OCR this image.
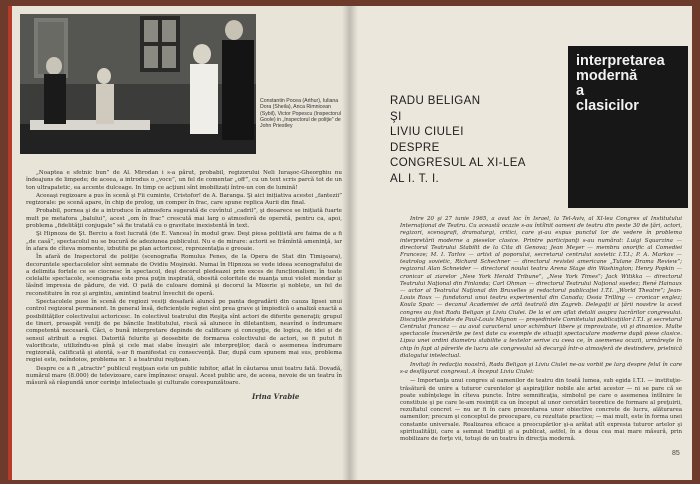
Constantin Pocea (Arthur), Iuliana Dora (Sheila), Anca Rimnicean (Sybil), Victor Popescu (Inspectorul Goole) in „Inspectorul de poliţie” de John Priestley

„Noaptea e sfetnic bun” de Al. Mirodan i s-a părut, probabil, regizorului Neli Iuraşoc-Gheorghiu nu îndeajuns de limpede; de aceea, a introdus o „voce”, un fel de comentar „off”, cu un text scris parcă tot de un ton ultrapatetic, ea accente dulceage. In timp ce acţiuni sînt imobilizați între-un con de lumină!

Aceeaşi regizoare a pus în scenă şi Fii cuminte, Cristofor! de A. Baranga. Şi aici inițiativa acestei „fantezii” regizorale: pe scenă apare, în chip de prolog, un comper în frac, care spune replica Aurii din final.

Probabil, pornea şi de a introduce în atmosfera sugerată de cuvîntul „cadril”, şi deoarece se inițiată fuarte mult pe metafora „balului”, acest „om în frac” crescută mai larg o atmosferă de operetă, pentru ca, apoi, problema „fidelităţii conjugale” să fie tratată cu o gravitate inexistentă în text.

Şi Hipnoza de Şt. Berciu a fost lucrată (de E. Vancea) în modul grav. Deşi piesa polițistă are faima de a fi „de casă”, spectacolul nu se bucură de adeziunea publicului. Nu e de mirare: actorii se frămîntă ameninţă, iar în afara de cîteva momente, izbutite pe plan actoricesc, reprezentaţia e greoaie.

În afară de Inspectorul de poliţie (scenografia Romulus Fenes, de la Opera de Stat din Timişoara), decoruntele spectacolelor sînt semnate de Ovidiu Moşinski. Numai în Hipnoza se vede ideea scenografului de a delimita fortele ce se ciocnesc în spectacol, deşi decorul pledeazei prin exces de funcționalism; în toate celelalte spectacole, scenografia este prea puţin inspirată, obosită coloritele de nuanţa unui violet mondar şi lăsînd impresia de pădure, de vid. O pată de culoare domină şi decorul la Mizerie şi noblețe, un fel de reconstituire în roz şi argintiu, amintind teatrul învechit de operă.

Spectacolele puse în scenă de regiozi vesiţi dosafară aluncă pe panta degradării din cauza lipsei unui control regizoral permanent. In general însă, deficiențele regiei sînt prea grave şi împiedică o analiză exactă a posibilităţilor colectivului actoricesc. In colectivul teatrului din Reşiţa sînt actori de diferite generaţii; grupul de tineri, proaspăt veniţi de pe băncile Institutului, riscă să alunece în diletantism, neavînd o îndrumare competentă necesară. Căci, o bună interpretare depinde de calificare şi concepţie, de logica, de idei şi de sensul atribuit a regiei. Datorită felurite şi deosebite de formarea colectivului de actori, se fi putut fi valorificate, utilizîndu-se pînă şi cele mai slabe însuşiri ale interpreţilor, dacă o asemenea îndrumare regizorală, calificată şi atentă, s-ar fi manifestat cu consecvenţă. Dar, după cum spunem mai sus, problema regiei este, neîndoios, problema nr. 1 a teatrului reşiţean.

Despre ce a fi „atractiv” publicul reşiţean este un public iubitor, aflat în căutarea unui teatru fată. Dovadă, numărul mare (8.000) de televizoare, care împînzesc orașul. Acest public are, de aceea, nevoie de un teatru în măsură să răspundă unor cerinţe intelectuale şi culturale corespunzătoare.

Irina Vrabie

RADU BELIGAN
ŞI
LIVIU CIULEI
DESPRE
CONGRESUL AL XI-LEA
AL I. T. I.
interpretarea
modernă
a
clasicilor

Intre 20 şi 27 iunie 1965, a avut loc în Israel, la Tel-Aviv, al XI-lea Congres al Institutului Internaţional de Teatru. Cu această ocazie s-au întîlnit oameni de teatru din peste 30 de ţări, actori, regizori, scenografi, dramaturgi, critici, care şi-au expus punctul lor de vedere în problema interpretării moderne a pieselor clasice. Printre participanţi s-au numărat: Luigi Squarzina — directorul Teatrului Stabilit de la Cita di Genova; Jean Meyer — membru onorific al Comediei Franceze; M. I. Tarlov — artist al poporului, secretarul centrului sovietic I.T.I.; P. A. Markov — teatrolog sovietic, Richard Schechner — directorul revistei americane „Tulane Drama Review”; regizorul Alan Schneider — directorul noului teatru Arena Stage din Washington; Henry Popkin — cronicar al ziarelor „New York Herald Tribune”, „New York Times”; Jack Witikka — directorul Teatrului Naţional din Finlanda; Carl Ohman — directorul Teatrului Naţional suedez; René Hainaux — actor al Teatrului Naţional din Bruxelles şi redactorul publicaţiei I.T.I. „World Theatre”; Jean-Louis Roux — fundatorul unui teatru experimental din Canada; Ossia Trilling — cronicar englez; Koula Spaic — decanul Academiei de artă teatrală din Zagreb. Delegaţii ai ţării noastre la acest congres au fost Radu Beligan şi Liviu Ciulei. De la ei am aflat detalii asupra lucrărilor congresului. Discuţiile prezidate de Paul-Louis Mignon — preşedintele Comitetului publicaţiilor I.T.I. şi secretarul Centrului francez — au avut caracterul unor schimburi libere şi improvizate, vii şi dinamice. Multe spectacole înscenările pe text date cu exemple de situaţii spectaculare moderne după piese clasice. Lipsa unei ordini diametru stabilite a textelor serive cu ceea ce, în asemenea ocazii, urmăreşte în chip în fapt al părerile de lucru ale congresului să decurgă într-o atmosferă de destindere, prielnică dialogului intelectual.

Invitaţi în redacţia noastră, Radu Beligan şi Liviu Ciulei ne-au vorbit pe larg despre felul în care s-a desfăşurat congresul. A început Liviu Ciulei:

— Importanţa unui congres al oamenilor de teatru din toată lumea, sub egida I.T.I. — instituţie-trăsătură de unire a tuturor curentelor şi aspiraţiilor nobile ale artei acestor — ni se pare că se poate subînţelege în cîteva puncte. Între semnificaţia, simbolul pe care o asemenea întîlnire le constituie şi pe care le-am resimţit ca un început al unor cercetări teoretice de formare al preţuirii, rezultatul concret — nu ar fi în care prezentarea unor obiective concrete de lucru, alăturarea oamenilor; precum şi conceptul de preocupare, cu rezultate practice; — mai mult, este în forma unei constante universale. Realizarea eficace a preocupărilor şi-a arătat atît expresia tuturor artelor şi spiritualităţii, care a semnat tradiţii şi a publicat, astfel, în a doua cea mai mare măsură, prin mobilizare de forţe vii, totuşi de un teatru în direcţia modernă.

85
